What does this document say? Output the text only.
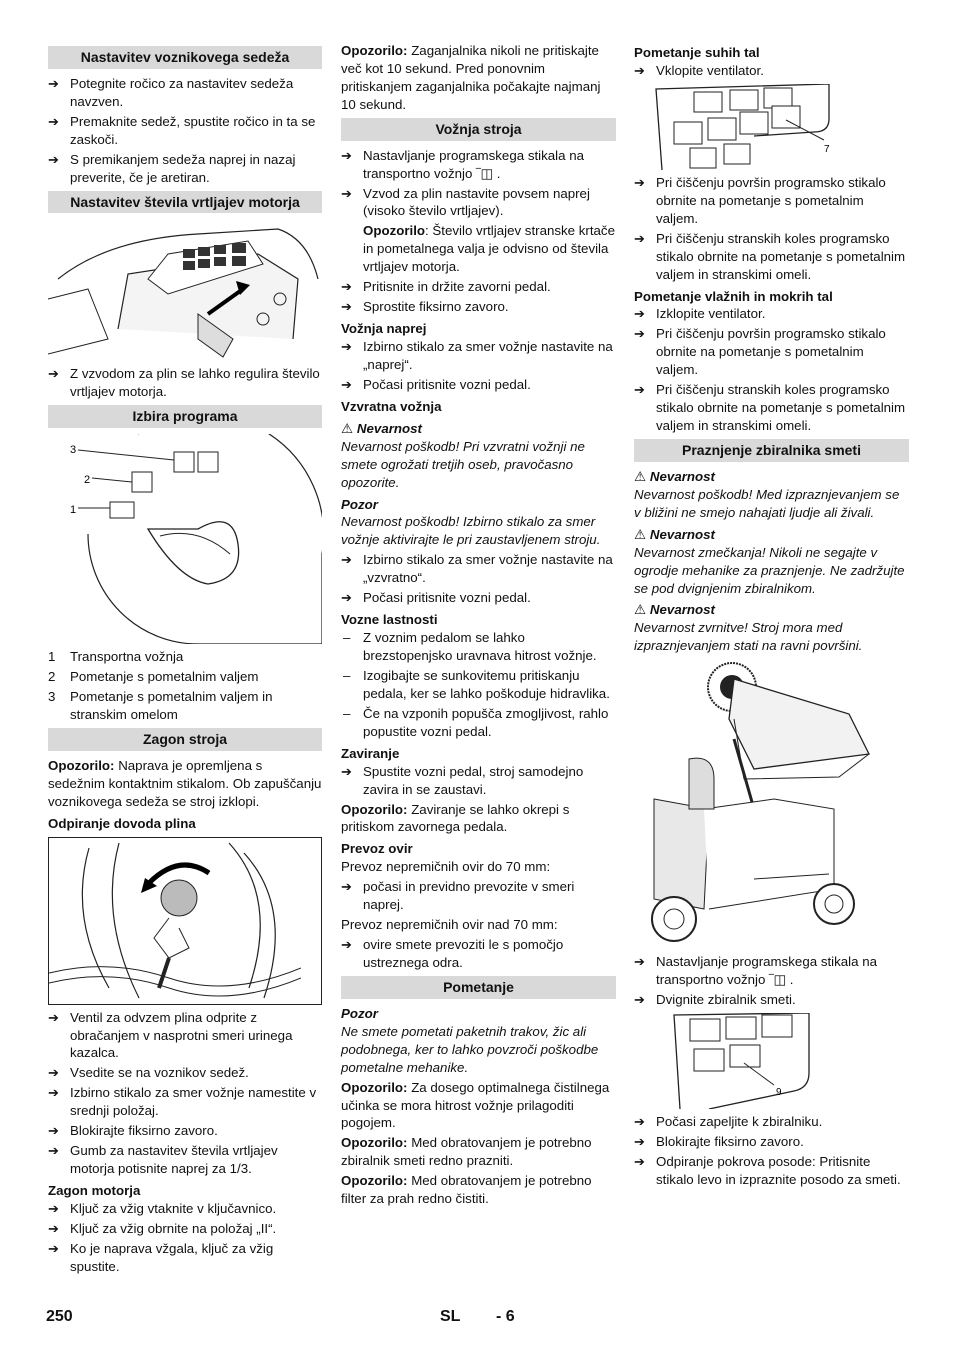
Nastavitev voznikovega sedeža
➔ Potegnite ročico za nastavitev sedeža navzven.
➔ Premaknite sedež, spustite ročico in ta se zaskoči.
➔ S premikanjem sedeža naprej in nazaj preverite, če je aretiran.
Nastavitev števila vrtljajev motorja
➔ Z vzvodom za plin se lahko regulira število vrtljajev motorja.
Izbira programa
3
2
1
1 Transportna vožnja
2 Pometanje s pometalnim valjem
3 Pometanje s pometalnim valjem in stranskim omelom
Zagon stroja
Opozorilo: Naprava je opremljena s sedežnim kontaktnim stikalom. Ob zapuščanju voznikovega sedeža se stroj izklopi.
Odpiranje dovoda plina
➔ Ventil za odvzem plina odprite z obračanjem v nasprotni smeri urinega kazalca.
➔ Vsedite se na voznikov sedež.
➔ Izbirno stikalo za smer vožnje namestite v srednji položaj.
➔ Blokirajte fiksirno zavoro.
➔ Gumb za nastavitev števila vrtljajev motorja potisnite naprej za 1/3.
Zagon motorja
➔ Ključ za vžig vtaknite v ključavnico.
➔ Ključ za vžig obrnite na položaj „II“.
➔ Ko je naprava vžgala, ključ za vžig spustite.
Opozorilo: Zaganjalnika nikoli ne pritiskajte več kot 10 sekund. Pred ponovnim pritiskanjem zaganjalnika počakajte najmanj 10 sekund.
Vožnja stroja
➔ Nastavljanje programskega stikala na transportno vožnjo ‾◫ .
➔ Vzvod za plin nastavite povsem naprej (visoko število vrtljajev).
Opozorilo: Število vrtljajev stranske krtače in pometalnega valja je odvisno od števila vrtljajev motorja.
➔ Pritisnite in držite zavorni pedal.
➔ Sprostite fiksirno zavoro.
Vožnja naprej
➔ Izbirno stikalo za smer vožnje nastavite na „naprej“.
➔ Počasi pritisnite vozni pedal.
Vzvratna vožnja
⚠ Nevarnost
Nevarnost poškodb! Pri vzvratni vožnji ne smete ogrožati tretjih oseb, pravočasno opozorite.
Pozor
Nevarnost poškodb! Izbirno stikalo za smer vožnje aktivirajte le pri zaustavljenem stroju.
➔ Izbirno stikalo za smer vožnje nastavite na „vzvratno“.
➔ Počasi pritisnite vozni pedal.
Vozne lastnosti
– Z voznim pedalom se lahko brezstopenjsko uravnava hitrost vožnje.
– Izogibajte se sunkovitemu pritiskanju pedala, ker se lahko poškoduje hidravlika.
– Če na vzponih popušča zmogljivost, rahlo popustite vozni pedal.
Zaviranje
➔ Spustite vozni pedal, stroj samodejno zavira in se zaustavi.
Opozorilo: Zaviranje se lahko okrepi s pritiskom zavornega pedala.
Prevoz ovir
Prevoz nepremičnih ovir do 70 mm:
➔ počasi in previdno prevozite v smeri naprej.
Prevoz nepremičnih ovir nad 70 mm:
➔ ovire smete prevoziti le s pomočjo ustreznega odra.
Pometanje
Pozor
Ne smete pometati paketnih trakov, žic ali podobnega, ker to lahko povzroči poškodbe pometalne mehanike.
Opozorilo: Za dosego optimalnega čistilnega učinka se mora hitrost vožnje prilagoditi pogojem.
Opozorilo: Med obratovanjem je potrebno zbiralnik smeti redno prazniti.
Opozorilo: Med obratovanjem je potrebno filter za prah redno čistiti.
Pometanje suhih tal
➔ Vklopite ventilator.
7
➔ Pri čiščenju površin programsko stikalo obrnite na pometanje s pometalnim valjem.
➔ Pri čiščenju stranskih koles programsko stikalo obrnite na pometanje s pometalnim valjem in stranskimi omeli.
Pometanje vlažnih in mokrih tal
➔ Izklopite ventilator.
➔ Pri čiščenju površin programsko stikalo obrnite na pometanje s pometalnim valjem.
➔ Pri čiščenju stranskih koles programsko stikalo obrnite na pometanje s pometalnim valjem in stranskimi omeli.
Praznjenje zbiralnika smeti
⚠ Nevarnost
Nevarnost poškodb! Med izpraznjevanjem se v bližini ne smejo nahajati ljudje ali živali.
⚠ Nevarnost
Nevarnost zmečkanja! Nikoli ne segajte v ogrodje mehanike za praznjenje. Ne zadržujte se pod dvignjenim zbiralnikom.
⚠ Nevarnost
Nevarnost zvrnitve! Stroj mora med izpraznjevanjem stati na ravni površini.
➔ Nastavljanje programskega stikala na transportno vožnjo ‾◫ .
➔ Dvignite zbiralnik smeti.
9
➔ Počasi zapeljite k zbiralniku.
➔ Blokirajte fiksirno zavoro.
➔ Odpiranje pokrova posode: Pritisnite stikalo levo in izpraznite posodo za smeti.
250	SL - 6
